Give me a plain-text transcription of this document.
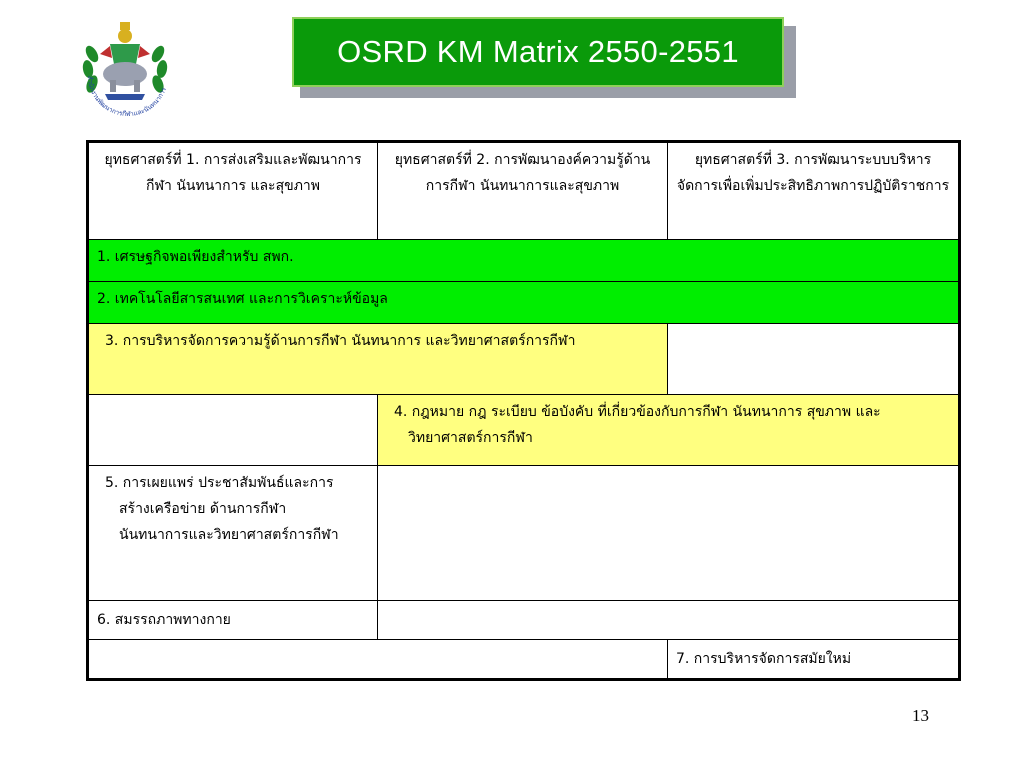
สำนักงานพัฒนาการกีฬาและนันทนาการ
OSRD KM Matrix 2550-2551
ยุทธศาสตร์ที่ 1. การส่งเสริมและพัฒนาการกีฬา นันทนาการ และสุขภาพ	ยุทธศาสตร์ที่ 2. การพัฒนาองค์ความรู้ด้านการกีฬา นันทนาการและสุขภาพ	ยุทธศาสตร์ที่ 3. การพัฒนาระบบบริหารจัดการเพื่อเพิ่มประสิทธิภาพการปฏิบัติราชการ
1. เศรษฐกิจพอเพียงสำหรับ สพก.		
2. เทคโนโลยีสารสนเทศ และการวิเคราะห์ข้อมูล		

3. การบริหารจัดการความรู้ด้านการกีฬา นันทนาการ และวิทยาศาสตร์การกีฬา		

	4. กฎหมาย กฎ ระเบียบ ข้อบังคับ ที่เกี่ยวข้องกับการกีฬา นันทนาการ สุขภาพ และวิทยาศาสตร์การกีฬา	

5. การเผยแพร่ ประชาสัมพันธ์และการสร้างเครือข่าย ด้านการกีฬา นันทนาการและวิทยาศาสตร์การกีฬา		

6. สมรรถภาพทางกาย		
		7. การบริหารจัดการสมัยใหม่
13
